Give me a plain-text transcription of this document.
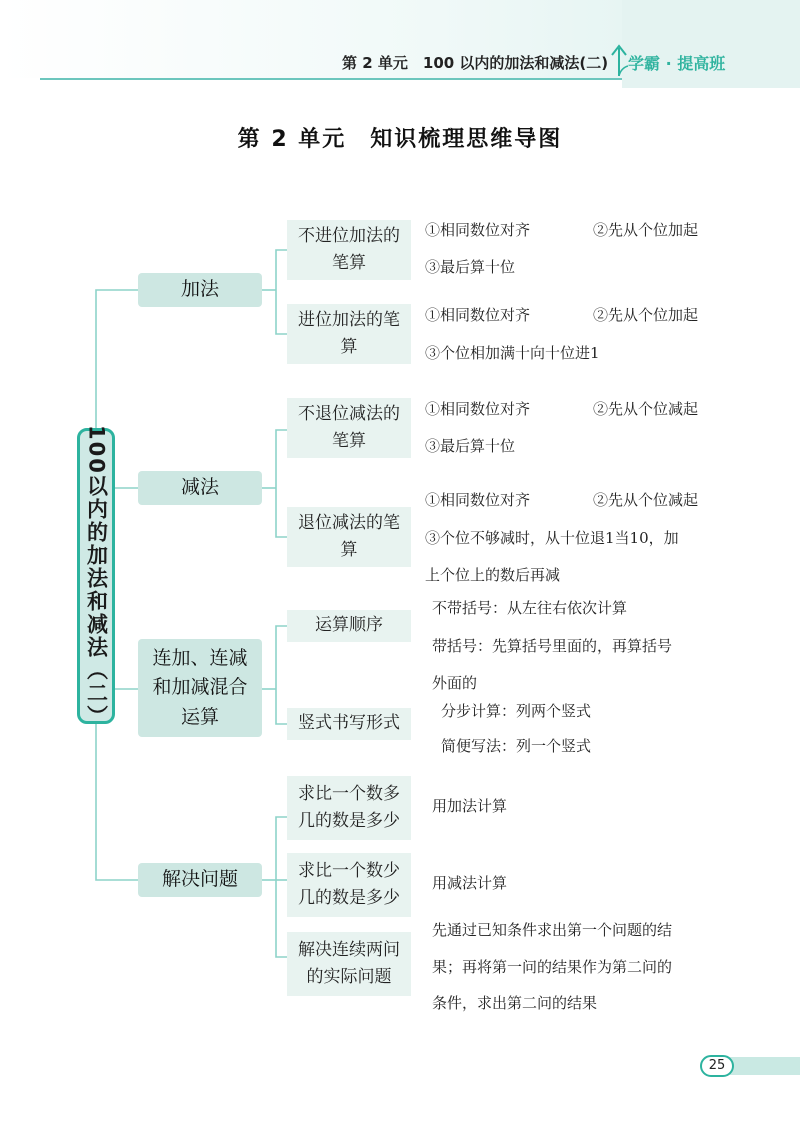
第 2 单元　100 以内的加法和减法(二) 学霸 · 提高班
第 2 单元　知识梳理思维导图
100以内的加法和减法（二）
加法
减法
连加、连减和加减混合运算
解决问题
不进位加法的笔算
进位加法的笔算
不退位减法的笔算
退位减法的笔算
运算顺序
竖式书写形式
求比一个数多几的数是多少
求比一个数少几的数是多少
解决连续两问的实际问题
①相同数位对齐	②先从个位加起
③最后算十位
①相同数位对齐	②先从个位加起
③个位相加满十向十位进1
①相同数位对齐	②先从个位减起
③最后算十位
①相同数位对齐	②先从个位减起
③个位不够减时，从十位退1当10，加
上个位上的数后再减
不带括号：从左往右依次计算
带括号：先算括号里面的，再算括号
外面的
分步计算：列两个竖式
简便写法：列一个竖式
用加法计算
用减法计算
先通过已知条件求出第一个问题的结
果；再将第一问的结果作为第二问的
条件，求出第二问的结果
25
